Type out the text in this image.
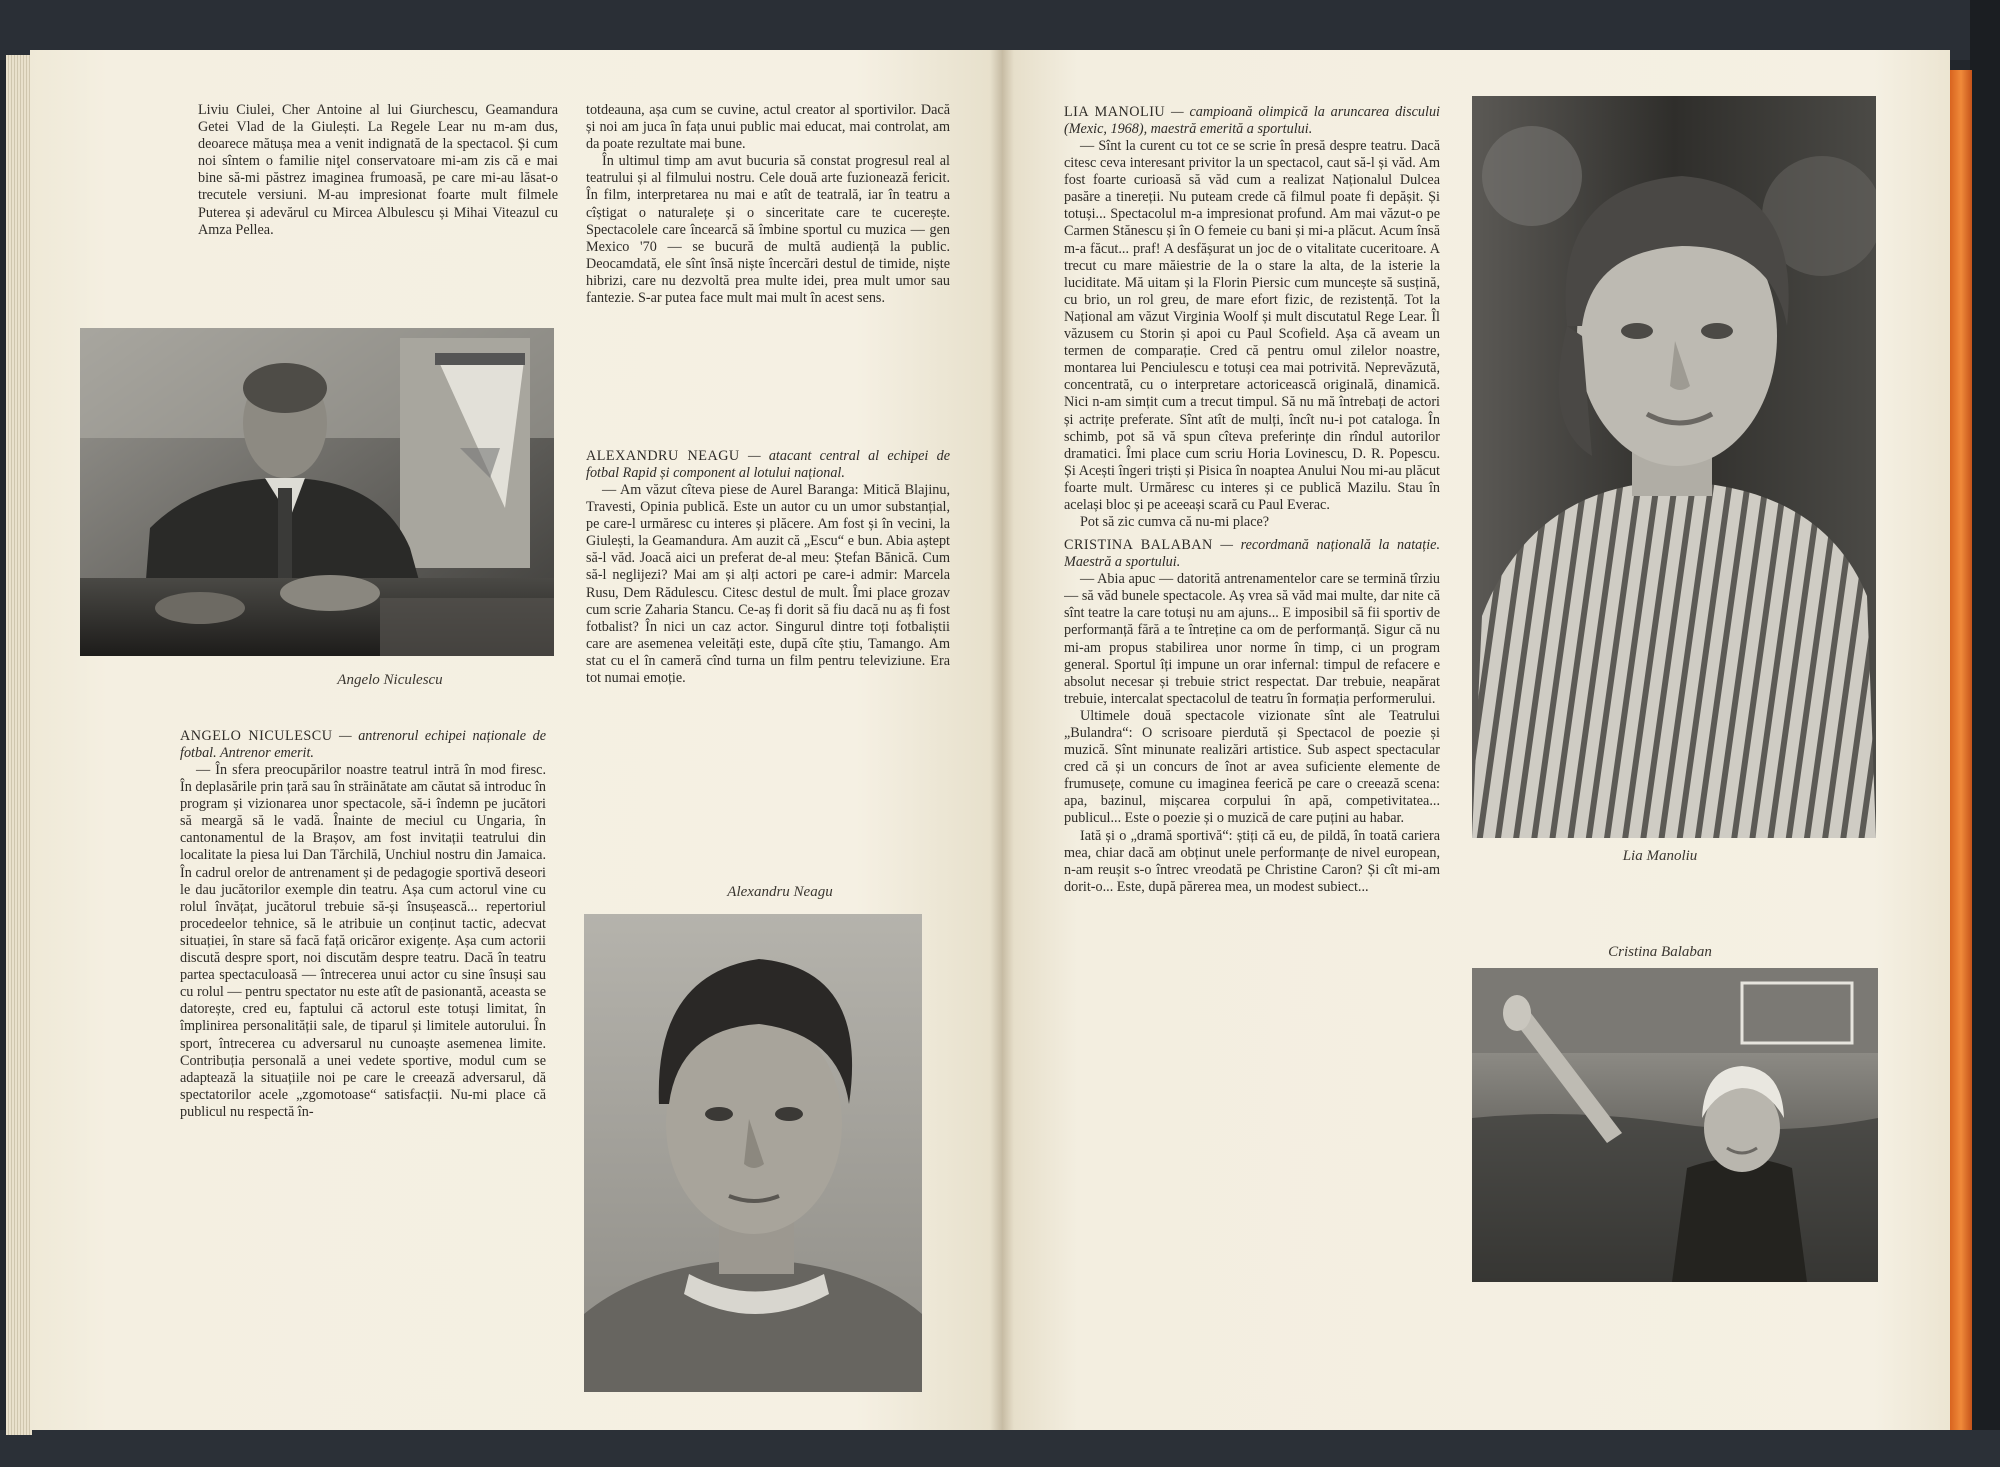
Liviu Ciulei, Cher Antoine al lui Giurchescu, Geamandura Getei Vlad de la Giulești. La Regele Lear nu m-am dus, deoarece mătușa mea a venit indignată de la spectacol. Și cum noi sîntem o familie niţel conservatoare mi-am zis că e mai bine să-mi păstrez imaginea frumoasă, pe care mi-au lăsat-o trecutele versiuni. M-au impresionat foarte mult filmele Puterea și adevărul cu Mircea Albulescu și Mihai Viteazul cu Amza Pellea.

Angelo Niculescu

ANGELO NICULESCU — antrenorul echipei naționale de fotbal. Antrenor emerit.

— În sfera preocupărilor noastre teatrul intră în mod firesc. În deplasările prin țară sau în străinătate am căutat să introduc în program și vizionarea unor spectacole, să-i îndemn pe jucători să meargă să le vadă. Înainte de meciul cu Ungaria, în cantonamentul de la Brașov, am fost invitații teatrului din localitate la piesa lui Dan Tărchilă, Unchiul nostru din Jamaica. În cadrul orelor de antrenament și de pedagogie sportivă deseori le dau jucătorilor exemple din teatru. Așa cum actorul vine cu rolul învățat, jucătorul trebuie să-și însușească... repertoriul procedeelor tehnice, să le atribuie un conținut tactic, adecvat situației, în stare să facă față oricăror exigențe. Așa cum actorii discută despre sport, noi discutăm despre teatru. Dacă în teatru partea spectaculoasă — întrecerea unui actor cu sine însuși sau cu rolul — pentru spectator nu este atît de pasionantă, aceasta se datorește, cred eu, faptului că actorul este totuși limitat, în împlinirea personalității sale, de tiparul și limitele autorului. În sport, întrecerea cu adversarul nu cunoaște asemenea limite. Contribuția personală a unei vedete sportive, modul cum se adaptează la situațiile noi pe care le creează adversarul, dă spectatorilor acele „zgomotoase“ satisfacții. Nu-mi place că publicul nu respectă în-

totdeauna, așa cum se cuvine, actul creator al sportivilor. Dacă și noi am juca în fața unui public mai educat, mai controlat, am da poate rezultate mai bune.

În ultimul timp am avut bucuria să constat progresul real al teatrului și al filmului nostru. Cele două arte fuzionează fericit. În film, interpretarea nu mai e atît de teatrală, iar în teatru a cîștigat o naturalețe și o sinceritate care te cucerește. Spectacolele care încearcă să îmbine sportul cu muzica — gen Mexico '70 — se bucură de multă audiență la public. Deocamdată, ele sînt însă niște încercări destul de timide, niște hibrizi, care nu dezvoltă prea multe idei, prea mult umor sau fantezie. S-ar putea face mult mai mult în acest sens.

ALEXANDRU NEAGU — atacant central al echipei de fotbal Rapid și component al lotului național.

— Am văzut cîteva piese de Aurel Baranga: Mitică Blajinu, Travesti, Opinia publică. Este un autor cu un umor substanțial, pe care-l urmăresc cu interes și plăcere. Am fost și în vecini, la Giulești, la Geamandura. Am auzit că „Escu“ e bun. Abia aștept să-l văd. Joacă aici un preferat de-al meu: Ștefan Bănică. Cum să-l neglijezi? Mai am și alți actori pe care-i admir: Marcela Rusu, Dem Rădulescu. Citesc destul de mult. Îmi place grozav cum scrie Zaharia Stancu. Ce-aș fi dorit să fiu dacă nu aș fi fost fotbalist? În nici un caz actor. Singurul dintre toți fotbaliștii care are asemenea veleități este, după cîte știu, Tamango. Am stat cu el în cameră cînd turna un film pentru televiziune. Era tot numai emoție.

Alexandru Neagu

LIA MANOLIU — campioană olimpică la aruncarea discului (Mexic, 1968), maestră emerită a sportului.

— Sînt la curent cu tot ce se scrie în presă despre teatru. Dacă citesc ceva interesant privitor la un spectacol, caut să-l și văd. Am fost foarte curioasă să văd cum a realizat Naționalul Dulcea pasăre a tinereții. Nu puteam crede că filmul poate fi depășit. Și totuși... Spectacolul m-a impresionat profund. Am mai văzut-o pe Carmen Stănescu și în O femeie cu bani și mi-a plăcut. Acum însă m-a făcut... praf! A desfășurat un joc de o vitalitate cuceritoare. A trecut cu mare măiestrie de la o stare la alta, de la isterie la luciditate. Mă uitam și la Florin Piersic cum muncește să susțină, cu brio, un rol greu, de mare efort fizic, de rezistență. Tot la Național am văzut Virginia Woolf și mult discutatul Rege Lear. Îl văzusem cu Storin și apoi cu Paul Scofield. Așa că aveam un termen de comparație. Cred că pentru omul zilelor noastre, montarea lui Penciulescu e totuși cea mai potrivită. Neprevăzută, concentrată, cu o interpretare actoricească originală, dinamică. Nici n-am simțit cum a trecut timpul. Să nu mă întrebați de actori și actrițe preferate. Sînt atît de mulți, încît nu-i pot cataloga. În schimb, pot să vă spun cîteva preferințe din rîndul autorilor dramatici. Îmi place cum scriu Horia Lovinescu, D. R. Popescu. Și Acești îngeri triști și Pisica în noaptea Anului Nou mi-au plăcut foarte mult. Urmăresc cu interes și ce publică Mazilu. Stau în același bloc și pe aceeași scară cu Paul Everac.

Pot să zic cumva că nu-mi place?

CRISTINA BALABAN — recordmană națională la natație. Maestră a sportului.

— Abia apuc — datorită antrenamentelor care se termină tîrziu — să văd bunele spectacole. Aș vrea să văd mai multe, dar nite că sînt teatre la care totuși nu am ajuns... E imposibil să fii sportiv de performanță fără a te întreține ca om de performanță. Sigur că nu mi-am propus stabilirea unor norme în timp, ci un program general. Sportul îți impune un orar infernal: timpul de refacere e absolut necesar și trebuie strict respectat. Dar trebuie, neapărat trebuie, intercalat spectacolul de teatru în formația performerului.

Ultimele două spectacole vizionate sînt ale Teatrului „Bulandra“: O scrisoare pierdută și Spectacol de poezie și muzică. Sînt minunate realizări artistice. Sub aspect spectacular cred că și un concurs de înot ar avea suficiente elemente de frumusețe, comune cu imaginea feerică pe care o creează scena: apa, bazinul, mișcarea corpului în apă, competivitatea... publicul... Este o poezie și o muzică de care puțini au habar.

Iată și o „dramă sportivă“: știți că eu, de pildă, în toată cariera mea, chiar dacă am obținut unele performanțe de nivel european, n-am reușit s-o întrec vreodată pe Christine Caron? Și cît mi-am dorit-o... Este, după părerea mea, un modest subiect...

Lia Manoliu
Cristina Balaban
